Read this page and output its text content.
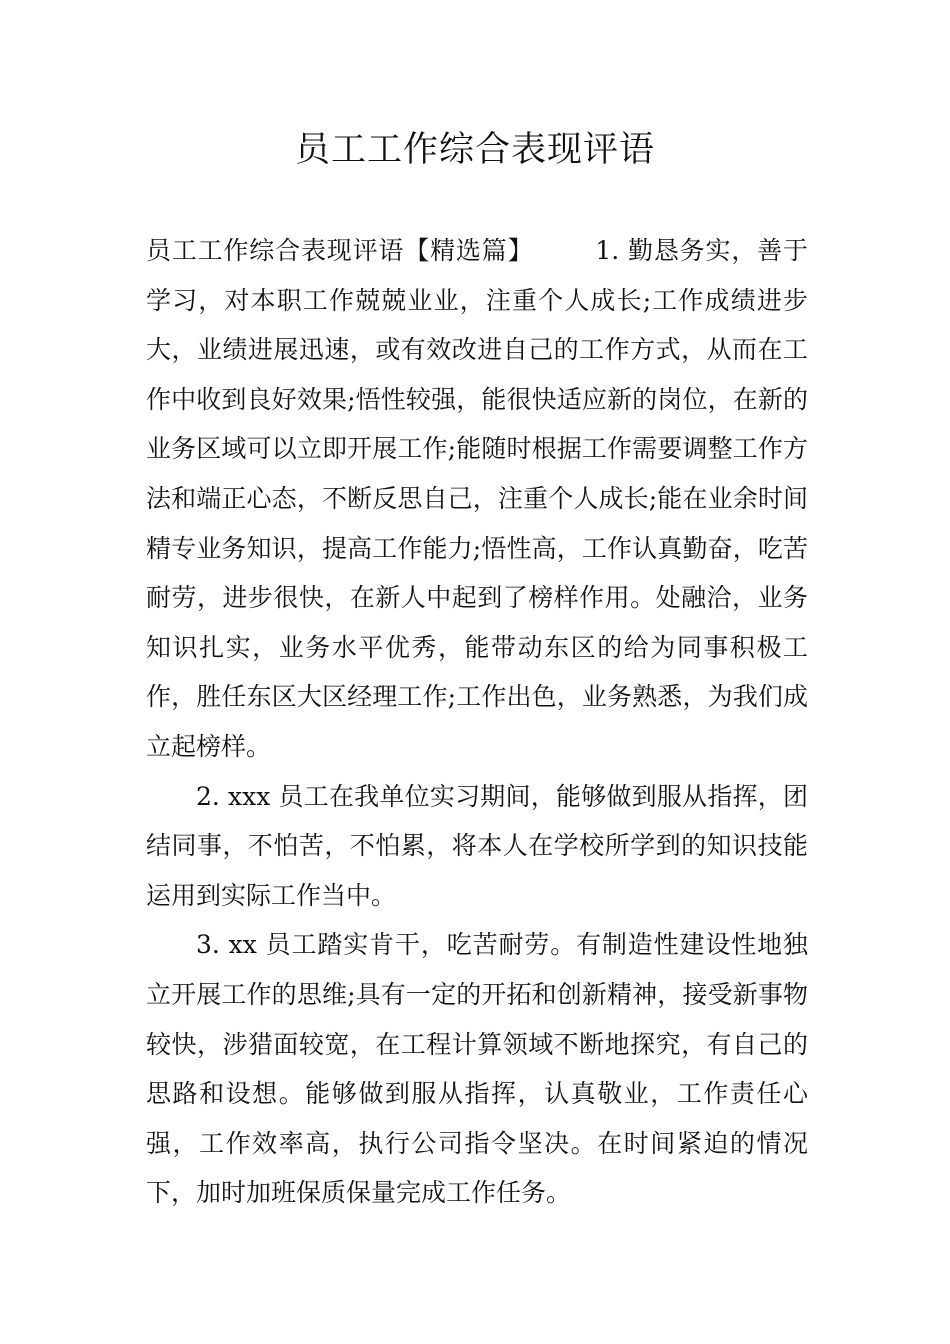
员工工作综合表现评语

员工工作综合表现评语【精选篇】 1. 勤恳务实，善于学习，对本职工作兢兢业业，注重个人成长;工作成绩进步大，业绩进展迅速，或有效改进自己的工作方式，从而在工作中收到良好效果;悟性较强，能很快适应新的岗位，在新的业务区域可以立即开展工作;能随时根据工作需要调整工作方法和端正心态，不断反思自己，注重个人成长;能在业余时间精专业务知识，提高工作能力;悟性高，工作认真勤奋，吃苦耐劳，进步很快，在新人中起到了榜样作用。处融洽，业务知识扎实，业务水平优秀，能带动东区的给为同事积极工作，胜任东区大区经理工作;工作出色，业务熟悉，为我们成立起榜样。

2. xxx 员工在我单位实习期间，能够做到服从指挥，团结同事，不怕苦，不怕累，将本人在学校所学到的知识技能运用到实际工作当中。

3. xx 员工踏实肯干，吃苦耐劳。有制造性建设性地独立开展工作的思维;具有一定的开拓和创新精神，接受新事物较快，涉猎面较宽，在工程计算领域不断地探究，有自己的思路和设想。能够做到服从指挥，认真敬业，工作责任心强，工作效率高，执行公司指令坚决。在时间紧迫的情况下，加时加班保质保量完成工作任务。
